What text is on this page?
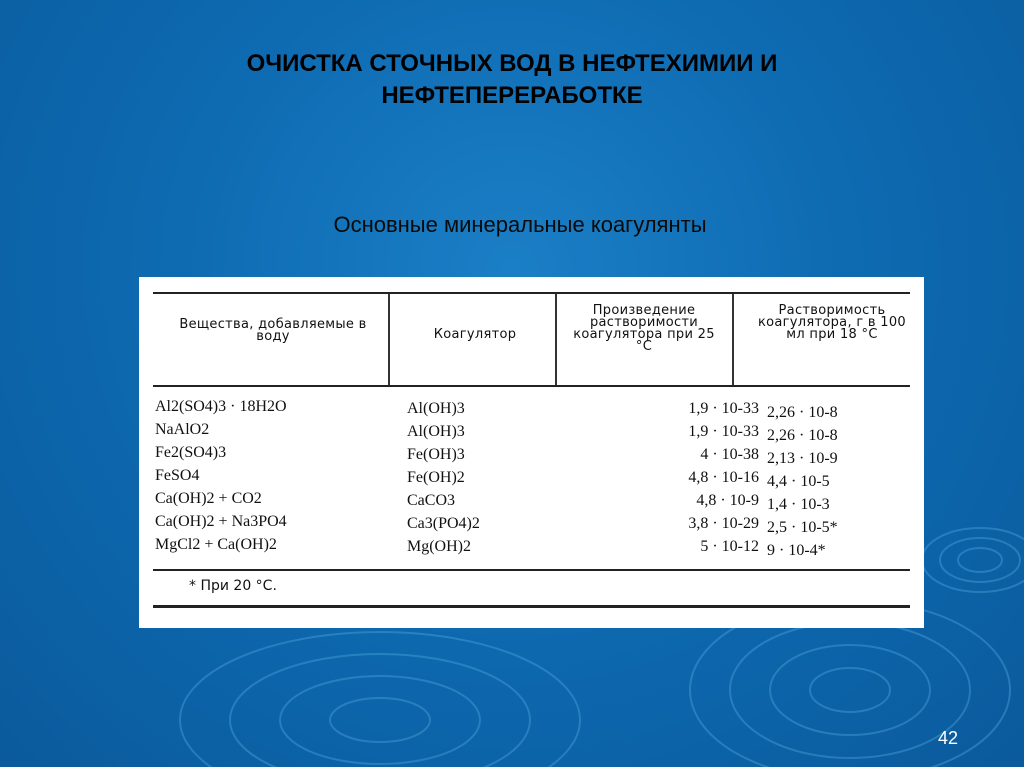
ОЧИСТКА СТОЧНЫХ ВОД В НЕФТЕХИМИИ И НЕФТЕПЕРЕРАБОТКЕ
Основные минеральные коагулянты
Вещества, добавляемые в воду	Коагулятор
Произведение растворимости коагулятора при 25 °C
Растворимость коагулятора, г в 100 мл при 18 °C
Al2(SO4)3 · 18H2O
NaAlO2
Fe2(SO4)3
FeSO4
Ca(OH)2 + CO2
Ca(OH)2 + Na3PO4
MgCl2 + Ca(OH)2
Al(OH)3
Al(OH)3
Fe(OH)3
Fe(OH)2
CaCO3
Ca3(PO4)2
Mg(OH)2
1,9 · 10-33
1,9 · 10-33
4 · 10-38
4,8 · 10-16
4,8 · 10-9
3,8 · 10-29
5 · 10-12
2,26 · 10-8
2,26 · 10-8
2,13 · 10-9
4,4 · 10-5
1,4 · 10-3
2,5 · 10-5*
9 · 10-4*
* При 20 °С.
42
